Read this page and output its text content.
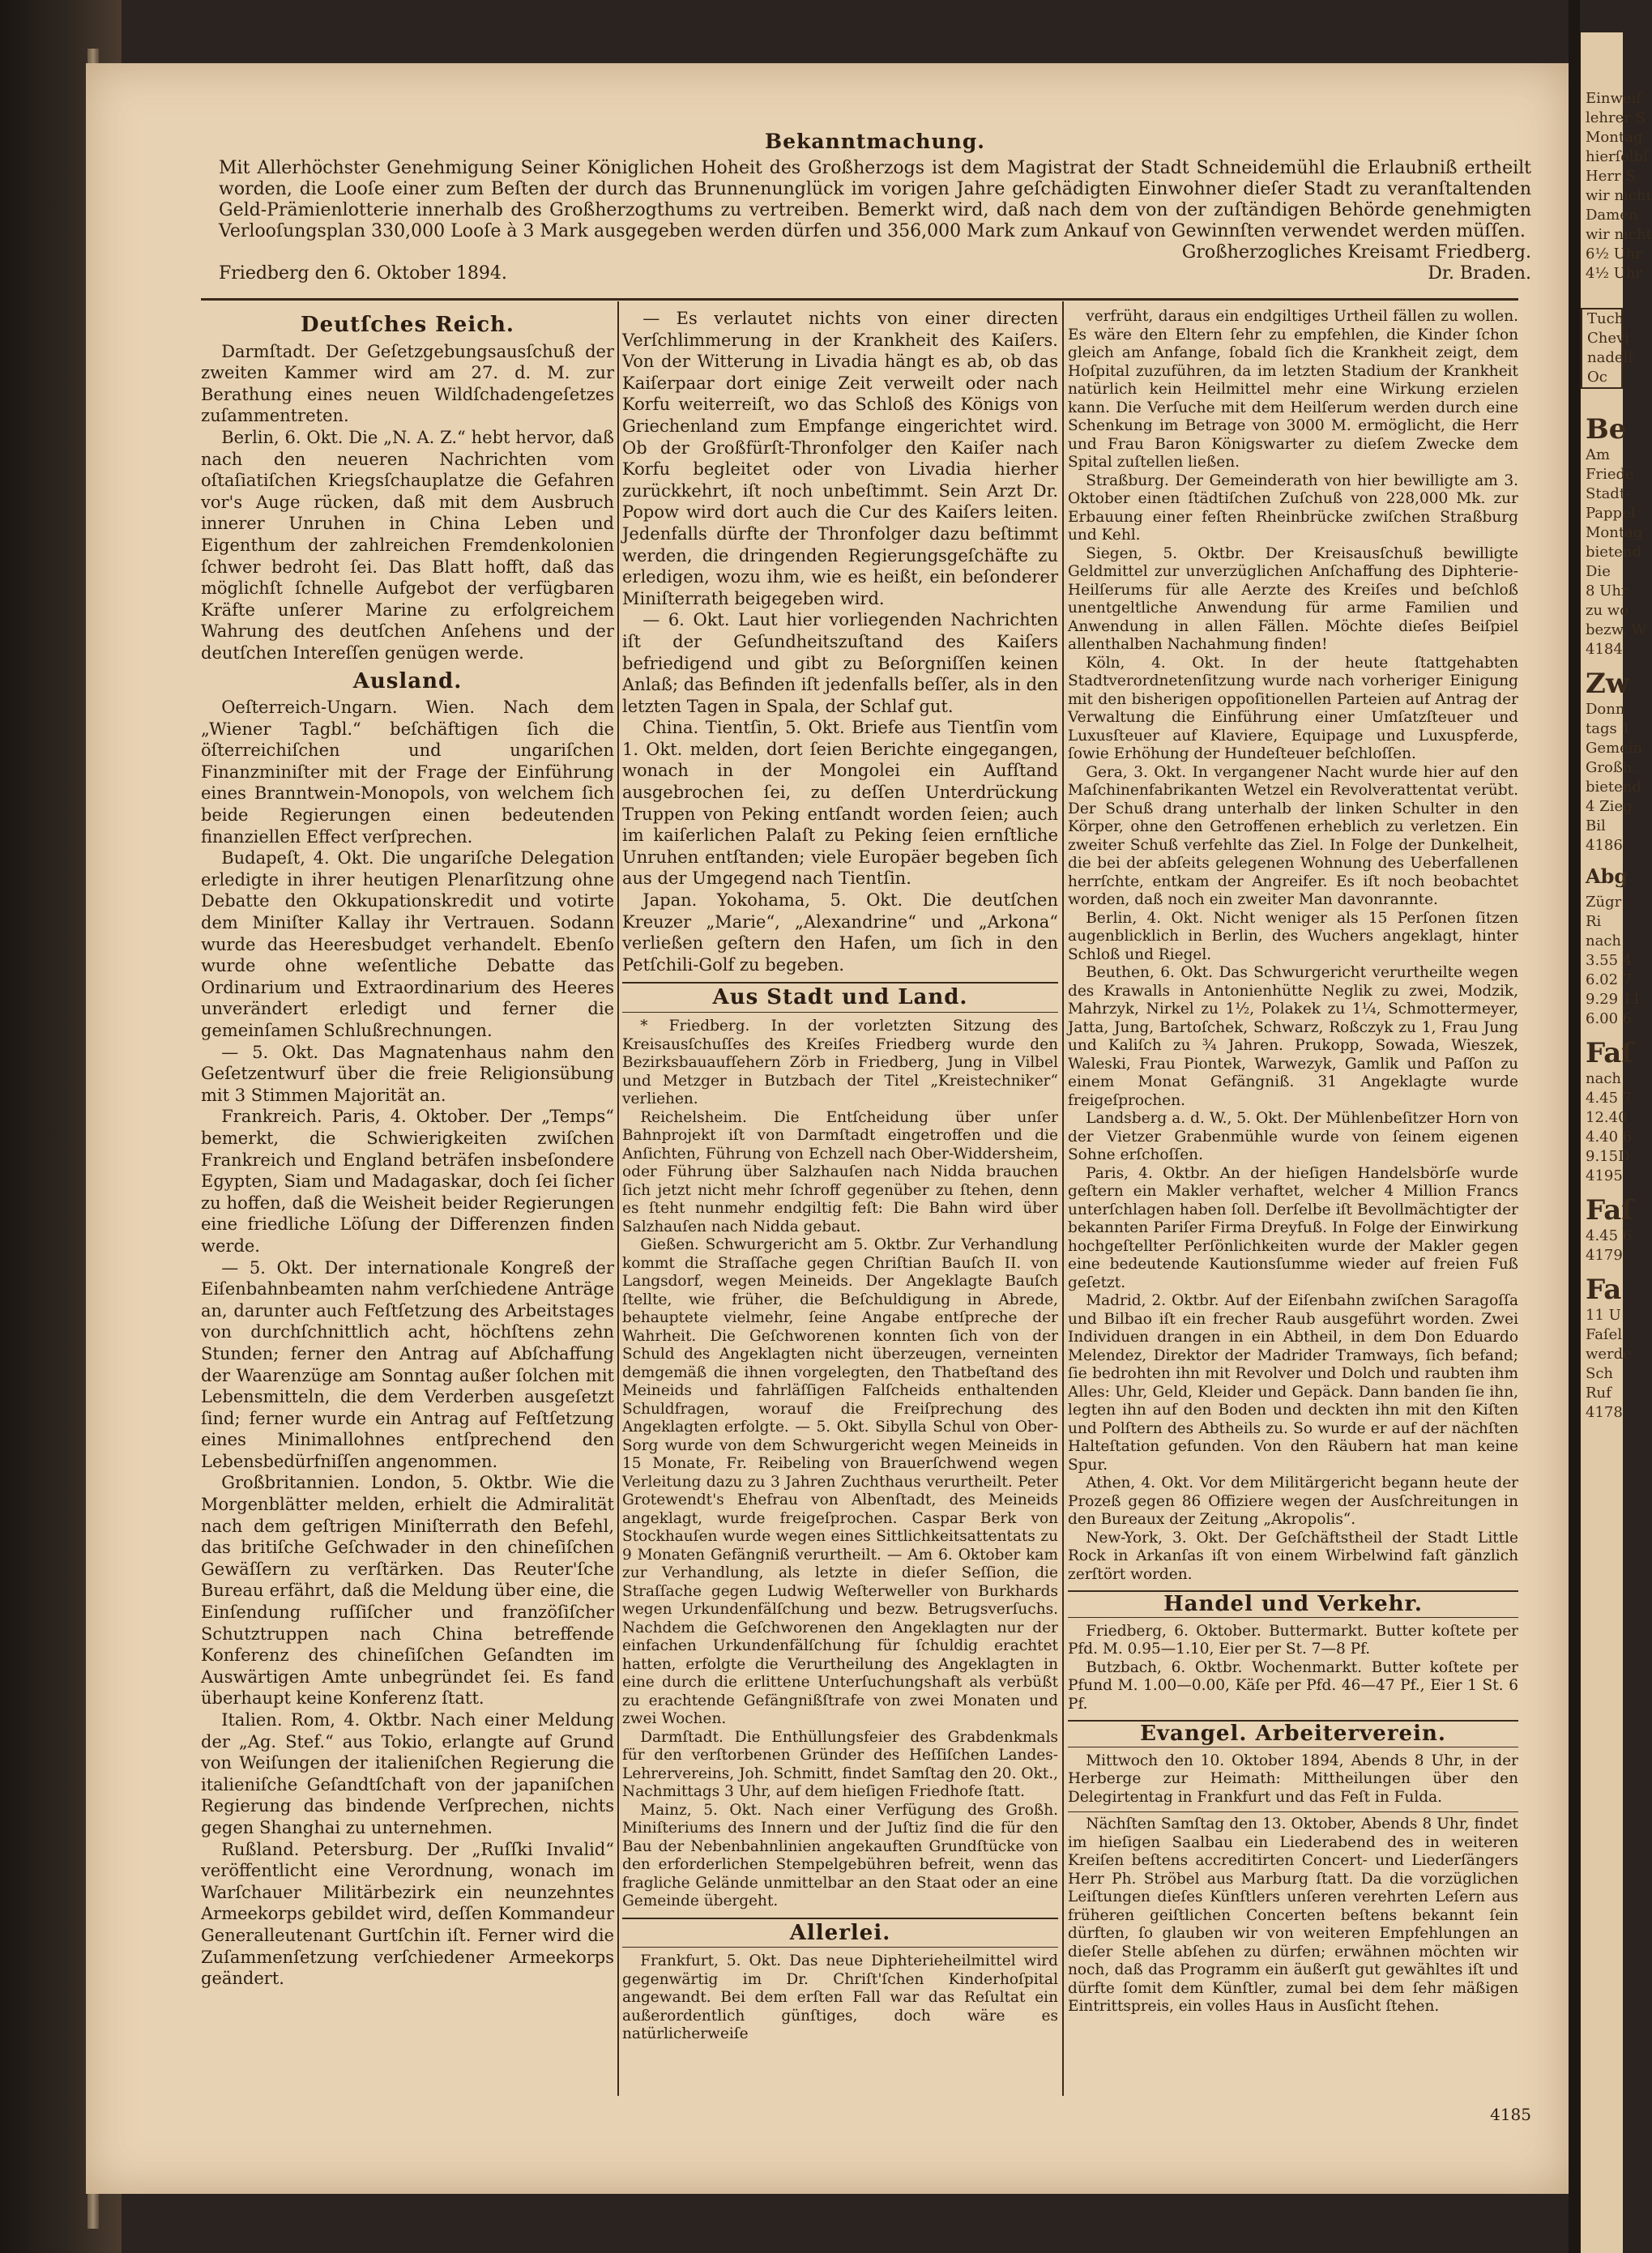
Bekanntmachung.
Mit Allerhöchster Genehmigung Seiner Königlichen Hoheit des Großherzogs ist dem Magistrat der Stadt Schneidemühl die Erlaubniß ertheilt worden, die Looſe einer zum Beſten der durch das Brunnenunglück im vorigen Jahre geſchädigten Einwohner dieſer Stadt zu veranſtaltenden Geld-Prämienlotterie innerhalb des Großherzogthums zu vertreiben. Bemerkt wird, daß nach dem von der zuſtändigen Behörde genehmigten Verlooſungsplan 330,000 Looſe à 3 Mark ausgegeben werden dürfen und 356,000 Mark zum Ankauf von Gewinnſten verwendet werden müſſen.
Großherzogliches Kreisamt Friedberg.
Friedberg den 6. Oktober 1894.	Dr. Braden.
Deutſches Reich.

Darmſtadt. Der Geſetzgebungsausſchuß der zweiten Kammer wird am 27. d. M. zur Berathung eines neuen Wildſchadengeſetzes zuſammentreten.

Berlin, 6. Okt. Die „N. A. Z.“ hebt hervor, daß nach den neueren Nachrichten vom oſtaſiatiſchen Kriegsſchauplatze die Gefahren vor's Auge rücken, daß mit dem Ausbruch innerer Unruhen in China Leben und Eigenthum der zahlreichen Fremdenkolonien ſchwer bedroht ſei. Das Blatt hofft, daß das möglichſt ſchnelle Aufgebot der verfügbaren Kräfte unſerer Marine zu erfolgreichem Wahrung des deutſchen Anſehens und der deutſchen Intereſſen genügen werde.

Ausland.

Oeſterreich-Ungarn. Wien. Nach dem „Wiener Tagbl.“ beſchäftigen ſich die öſterreichiſchen und ungariſchen Finanzminiſter mit der Frage der Einführung eines Branntwein-Monopols, von welchem ſich beide Regierungen einen bedeutenden finanziellen Effect verſprechen.

Budapeſt, 4. Okt. Die ungariſche Delegation erledigte in ihrer heutigen Plenarſitzung ohne Debatte den Okkupationskredit und votirte dem Miniſter Kallay ihr Vertrauen. Sodann wurde das Heeresbudget verhandelt. Ebenſo wurde ohne weſentliche Debatte das Ordinarium und Extraordinarium des Heeres unverändert erledigt und ferner die gemeinſamen Schlußrechnungen.

— 5. Okt. Das Magnatenhaus nahm den Geſetzentwurf über die freie Religionsübung mit 3 Stimmen Majorität an.

Frankreich. Paris, 4. Oktober. Der „Temps“ bemerkt, die Schwierigkeiten zwiſchen Frankreich und England beträfen insbeſondere Egypten, Siam und Madagaskar, doch ſei ſicher zu hoffen, daß die Weisheit beider Regierungen eine friedliche Löſung der Differenzen finden werde.

— 5. Okt. Der internationale Kongreß der Eiſenbahnbeamten nahm verſchiedene Anträge an, darunter auch Feſtſetzung des Arbeitstages von durchſchnittlich acht, höchſtens zehn Stunden; ferner den Antrag auf Abſchaffung der Waarenzüge am Sonntag außer ſolchen mit Lebensmitteln, die dem Verderben ausgeſetzt ſind; ferner wurde ein Antrag auf Feſtſetzung eines Minimallohnes entſprechend den Lebensbedürfniſſen angenommen.

Großbritannien. London, 5. Oktbr. Wie die Morgenblätter melden, erhielt die Admiralität nach dem geſtrigen Miniſterrath den Befehl, das britiſche Geſchwader in den chineſiſchen Gewäſſern zu verſtärken. Das Reuter'ſche Bureau erfährt, daß die Meldung über eine, die Einſendung ruſſiſcher und franzöſiſcher Schutztruppen nach China betreffende Konferenz des chineſiſchen Geſandten im Auswärtigen Amte unbegründet ſei. Es fand überhaupt keine Konferenz ſtatt.

Italien. Rom, 4. Oktbr. Nach einer Meldung der „Ag. Stef.“ aus Tokio, erlangte auf Grund von Weiſungen der italieniſchen Regierung die italieniſche Geſandtſchaft von der japaniſchen Regierung das bindende Verſprechen, nichts gegen Shanghai zu unternehmen.

Rußland. Petersburg. Der „Ruſſki Invalid“ veröffentlicht eine Verordnung, wonach im Warſchauer Militärbezirk ein neunzehntes Armeekorps gebildet wird, deſſen Kommandeur Generalleutenant Gurtſchin iſt. Ferner wird die Zuſammenſetzung verſchiedener Armeekorps geändert.

— Es verlautet nichts von einer directen Verſchlimmerung in der Krankheit des Kaiſers. Von der Witterung in Livadia hängt es ab, ob das Kaiſerpaar dort einige Zeit verweilt oder nach Korfu weiterreiſt, wo das Schloß des Königs von Griechenland zum Empfange eingerichtet wird. Ob der Großfürſt-Thronfolger den Kaiſer nach Korfu begleitet oder von Livadia hierher zurückkehrt, iſt noch unbeſtimmt. Sein Arzt Dr. Popow wird dort auch die Cur des Kaiſers leiten. Jedenfalls dürfte der Thronfolger dazu beſtimmt werden, die dringenden Regierungsgeſchäfte zu erledigen, wozu ihm, wie es heißt, ein beſonderer Miniſterrath beigegeben wird.

— 6. Okt. Laut hier vorliegenden Nachrichten iſt der Geſundheitszuſtand des Kaiſers befriedigend und gibt zu Beſorgniſſen keinen Anlaß; das Befinden iſt jedenfalls beſſer, als in den letzten Tagen in Spala, der Schlaf gut.

China. Tientſin, 5. Okt. Briefe aus Tientſin vom 1. Okt. melden, dort ſeien Berichte eingegangen, wonach in der Mongolei ein Aufſtand ausgebrochen ſei, zu deſſen Unterdrückung Truppen von Peking entſandt worden ſeien; auch im kaiſerlichen Palaſt zu Peking ſeien ernſtliche Unruhen entſtanden; viele Europäer begeben ſich aus der Umgegend nach Tientſin.

Japan. Yokohama, 5. Okt. Die deutſchen Kreuzer „Marie“, „Alexandrine“ und „Arkona“ verließen geſtern den Hafen, um ſich in den Petſchili-Golf zu begeben.

Aus Stadt und Land.

* Friedberg. In der vorletzten Sitzung des Kreisausſchuſſes des Kreiſes Friedberg wurde den Bezirksbauaufſehern Zörb in Friedberg, Jung in Vilbel und Metzger in Butzbach der Titel „Kreistechniker“ verliehen.

Reichelsheim. Die Entſcheidung über unſer Bahnprojekt iſt von Darmſtadt eingetroffen und die Anſichten, Führung von Echzell nach Ober-Widdersheim, oder Führung über Salzhauſen nach Nidda brauchen ſich jetzt nicht mehr ſchroff gegenüber zu ſtehen, denn es ſteht nunmehr endgiltig feſt: Die Bahn wird über Salzhauſen nach Nidda gebaut.

Gießen. Schwurgericht am 5. Oktbr. Zur Verhandlung kommt die Straſſache gegen Chriſtian Bauſch II. von Langsdorf, wegen Meineids. Der Angeklagte Bauſch ſtellte, wie früher, die Beſchuldigung in Abrede, behauptete vielmehr, ſeine Angabe entſpreche der Wahrheit. Die Geſchworenen konnten ſich von der Schuld des Angeklagten nicht überzeugen, verneinten demgemäß die ihnen vorgelegten, den Thatbeſtand des Meineids und fahrläſſigen Falſcheids enthaltenden Schuldfragen, worauf die Freiſprechung des Angeklagten erfolgte. — 5. Okt. Sibylla Schul von Ober-Sorg wurde von dem Schwurgericht wegen Meineids in 15 Monate, Fr. Reibeling von Brauerſchwend wegen Verleitung dazu zu 3 Jahren Zuchthaus verurtheilt. Peter Grotewendt's Ehefrau von Albenſtadt, des Meineids angeklagt, wurde freigeſprochen. Caspar Berk von Stockhauſen wurde wegen eines Sittlichkeitsattentats zu 9 Monaten Gefängniß verurtheilt. — Am 6. Oktober kam zur Verhandlung, als letzte in dieſer Seſſion, die Straſſache gegen Ludwig Weſterweller von Burkhards wegen Urkundenfälſchung und bezw. Betrugsverſuchs. Nachdem die Geſchworenen den Angeklagten nur der einfachen Urkundenfälſchung für ſchuldig erachtet hatten, erfolgte die Verurtheilung des Angeklagten in eine durch die erlittene Unterſuchungshaft als verbüßt zu erachtende Gefängnißſtrafe von zwei Monaten und zwei Wochen.

Darmſtadt. Die Enthüllungsfeier des Grabdenkmals für den verſtorbenen Gründer des Heſſiſchen Landes-Lehrervereins, Joh. Schmitt, findet Samſtag den 20. Okt., Nachmittags 3 Uhr, auf dem hieſigen Friedhofe ſtatt.

Mainz, 5. Okt. Nach einer Verfügung des Großh. Miniſteriums des Innern und der Juſtiz ſind die für den Bau der Nebenbahnlinien angekauften Grundſtücke von den erforderlichen Stempelgebühren befreit, wenn das fragliche Gelände unmittelbar an den Staat oder an eine Gemeinde übergeht.

Allerlei.

Frankfurt, 5. Okt. Das neue Diphterieheilmittel wird gegenwärtig im Dr. Chriſt'ſchen Kinderhoſpital angewandt. Bei dem erſten Fall war das Reſultat ein außerordentlich günſtiges, doch wäre es natürlicherweiſe

verfrüht, daraus ein endgiltiges Urtheil fällen zu wollen. Es wäre den Eltern ſehr zu empfehlen, die Kinder ſchon gleich am Anfange, ſobald ſich die Krankheit zeigt, dem Hoſpital zuzuführen, da im letzten Stadium der Krankheit natürlich kein Heilmittel mehr eine Wirkung erzielen kann. Die Verſuche mit dem Heilſerum werden durch eine Schenkung im Betrage von 3000 M. ermöglicht, die Herr und Frau Baron Königswarter zu dieſem Zwecke dem Spital zuſtellen ließen.

Straßburg. Der Gemeinderath von hier bewilligte am 3. Oktober einen ſtädtiſchen Zuſchuß von 228,000 Mk. zur Erbauung einer feſten Rheinbrücke zwiſchen Straßburg und Kehl.

Siegen, 5. Oktbr. Der Kreisausſchuß bewilligte Geldmittel zur unverzüglichen Anſchaffung des Diphterie-Heilſerums für alle Aerzte des Kreiſes und beſchloß unentgeltliche Anwendung für arme Familien und Anwendung in allen Fällen. Möchte dieſes Beiſpiel allenthalben Nachahmung finden!

Köln, 4. Okt. In der heute ſtattgehabten Stadtverordnetenſitzung wurde nach vorheriger Einigung mit den bisherigen oppoſitionellen Parteien auf Antrag der Verwaltung die Einführung einer Umſatzſteuer und Luxusſteuer auf Klaviere, Equipage und Luxuspferde, ſowie Erhöhung der Hundeſteuer beſchloſſen.

Gera, 3. Okt. In vergangener Nacht wurde hier auf den Maſchinenfabrikanten Wetzel ein Revolverattentat verübt. Der Schuß drang unterhalb der linken Schulter in den Körper, ohne den Getroffenen erheblich zu verletzen. Ein zweiter Schuß verfehlte das Ziel. In Folge der Dunkelheit, die bei der abſeits gelegenen Wohnung des Ueberfallenen herrſchte, entkam der Angreifer. Es iſt noch beobachtet worden, daß noch ein zweiter Man davonrannte.

Berlin, 4. Okt. Nicht weniger als 15 Perſonen ſitzen augenblicklich in Berlin, des Wuchers angeklagt, hinter Schloß und Riegel.

Beuthen, 6. Okt. Das Schwurgericht verurtheilte wegen des Krawalls in Antonienhütte Neglik zu zwei, Modzik, Mahrzyk, Nirkel zu 1½, Polakek zu 1¼, Schmottermeyer, Jatta, Jung, Bartoſchek, Schwarz, Roßczyk zu 1, Frau Jung und Kaliſch zu ¾ Jahren. Prukopp, Sowada, Wieszek, Waleski, Frau Piontek, Warwezyk, Gamlik und Paſſon zu einem Monat Gefängniß. 31 Angeklagte wurde freigeſprochen.

Landsberg a. d. W., 5. Okt. Der Mühlenbeſitzer Horn von der Vietzer Grabenmühle wurde von ſeinem eigenen Sohne erſchoſſen.

Paris, 4. Oktbr. An der hieſigen Handelsbörſe wurde geſtern ein Makler verhaftet, welcher 4 Million Francs unterſchlagen haben ſoll. Derſelbe iſt Bevollmächtigter der bekannten Pariſer Firma Dreyfuß. In Folge der Einwirkung hochgeſtellter Perſönlichkeiten wurde der Makler gegen eine bedeutende Kautionsſumme wieder auf freien Fuß geſetzt.

Madrid, 2. Oktbr. Auf der Eiſenbahn zwiſchen Saragoſſa und Bilbao iſt ein frecher Raub ausgeführt worden. Zwei Individuen drangen in ein Abtheil, in dem Don Eduardo Melendez, Direktor der Madrider Tramways, ſich befand; ſie bedrohten ihn mit Revolver und Dolch und raubten ihm Alles: Uhr, Geld, Kleider und Gepäck. Dann banden ſie ihn, legten ihn auf den Boden und deckten ihn mit den Kiſten und Polſtern des Abtheils zu. So wurde er auf der nächſten Halteſtation gefunden. Von den Räubern hat man keine Spur.

Athen, 4. Okt. Vor dem Militärgericht begann heute der Prozeß gegen 86 Offiziere wegen der Ausſchreitungen in den Bureaux der Zeitung „Akropolis“.

New-York, 3. Okt. Der Geſchäftstheil der Stadt Little Rock in Arkanſas iſt von einem Wirbelwind faſt gänzlich zerſtört worden.

Handel und Verkehr.

Friedberg, 6. Oktober. Buttermarkt. Butter koſtete per Pfd. M. 0.95—1.10, Eier per St. 7—8 Pf.

Butzbach, 6. Oktbr. Wochenmarkt. Butter koſtete per Pfund M. 1.00—0.00, Käſe per Pfd. 46—47 Pf., Eier 1 St. 6 Pf.

Evangel. Arbeiterverein.

Mittwoch den 10. Oktober 1894, Abends 8 Uhr, in der Herberge zur Heimath: Mittheilungen über den Delegirtentag in Frankfurt und das Feſt in Fulda.

Nächſten Samſtag den 13. Oktober, Abends 8 Uhr, findet im hieſigen Saalbau ein Liederabend des in weiteren Kreiſen beſtens accreditirten Concert- und Liederſängers Herr Ph. Ströbel aus Marburg ſtatt. Da die vorzüglichen Leiſtungen dieſes Künſtlers unſeren verehrten Leſern aus früheren geiſtlichen Concerten beſtens bekannt ſein dürften, ſo glauben wir von weiteren Empfehlungen an dieſer Stelle abſehen zu dürfen; erwähnen möchten wir noch, daß das Programm ein äußerſt gut gewähltes iſt und dürfte ſomit dem Künſtler, zumal bei dem ſehr mäßigen Eintrittspreis, ein volles Haus in Ausſicht ſtehen.

4185
Einweiſ
lehrer S
Montag
hierſelbſ
Herr S
wir nicht
Damen
wir nicht
6½ Uhr
4½ Uhr
Tuch
Chevi
nadelf
Oc
Be
Am
Friede
Stadt-
Pappel
Montag
bietend
Die
8 Uhr
zu wo
bezw. W
4184
Zw
Donn
tags 1
Gemein
Großh.
bietend
4 Zieg
Bil
4186
Abg
Zügr
Ri
nach
3.55 4
6.02 7
9.29 11
6.00 6
Faſ
nach
4.45 7
12.40
4.40 6
9.15D
4195
Faſ
4.45 6
4179
Fa
11 U
Faſel
werde
Sch
Ruf
4178
